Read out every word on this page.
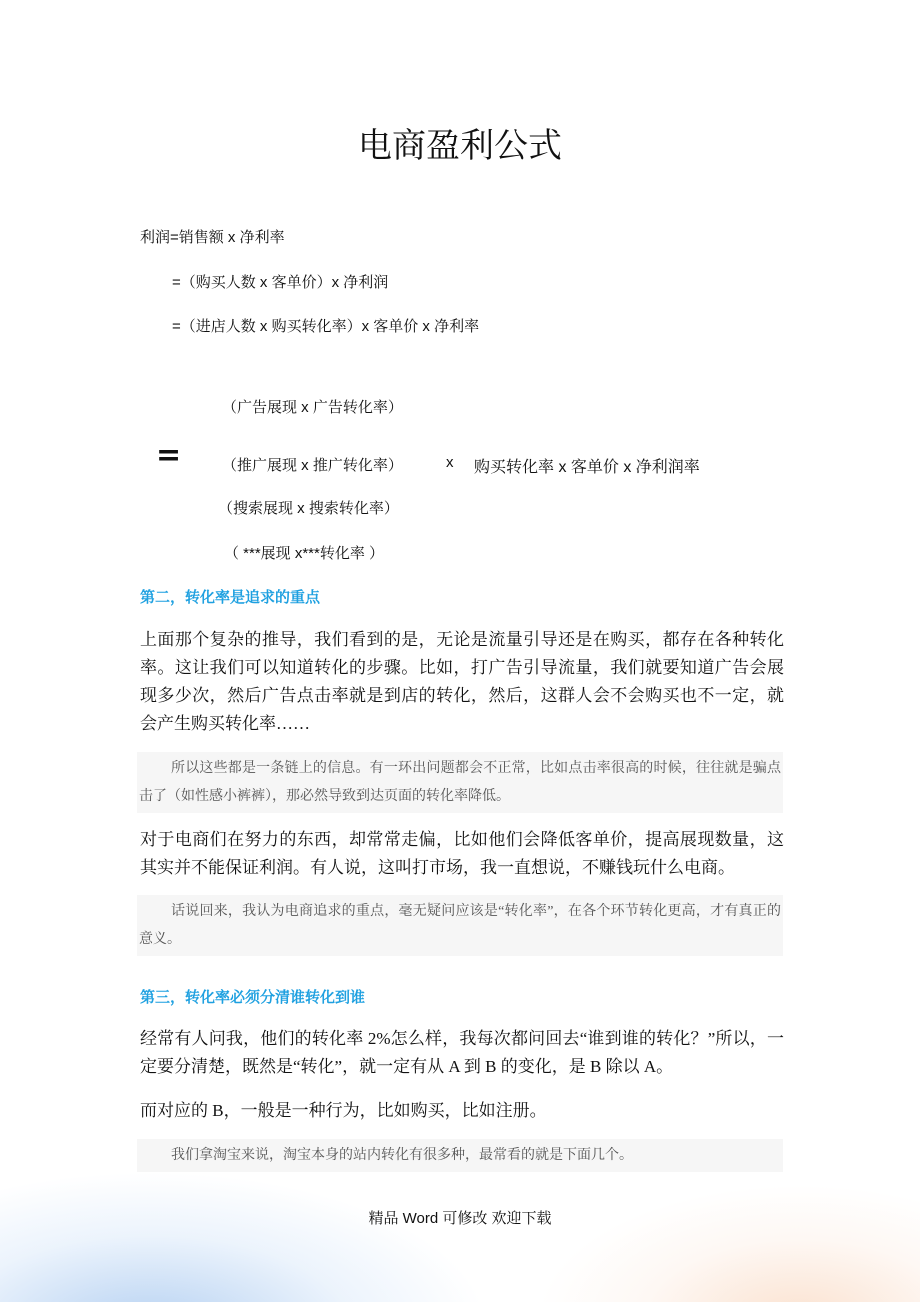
电商盈利公式
利润=销售额 x 净利率
=（购买人数 x 客单价）x 净利润
=（进店人数 x 购买转化率）x 客单价 x 净利率
（广告展现 x 广告转化率）
=	（推广展现 x 推广转化率）	x 购买转化率 x 客单价 x 净利润率
（搜索展现 x 搜索转化率）
（ ***展现 x***转化率 ）
第二，转化率是追求的重点
上面那个复杂的推导，我们看到的是，无论是流量引导还是在购买，都存在各种转化率。这让我们可以知道转化的步骤。比如，打广告引导流量，我们就要知道广告会展现多少次，然后广告点击率就是到店的转化，然后，这群人会不会购买也不一定，就会产生购买转化率……
所以这些都是一条链上的信息。有一环出问题都会不正常，比如点击率很高的时候，往往就是骗点击了（如性感小裤裤），那必然导致到达页面的转化率降低。
对于电商们在努力的东西，却常常走偏，比如他们会降低客单价，提高展现数量，这其实并不能保证利润。有人说，这叫打市场，我一直想说，不赚钱玩什么电商。
话说回来，我认为电商追求的重点，毫无疑问应该是“转化率”，在各个环节转化更高，才有真正的意义。
第三，转化率必须分清谁转化到谁
经常有人问我，他们的转化率 2%怎么样，我每次都问回去“谁到谁的转化？”所以，一定要分清楚，既然是“转化”，就一定有从 A 到 B 的变化，是 B 除以 A。
而对应的 B，一般是一种行为，比如购买，比如注册。
我们拿淘宝来说，淘宝本身的站内转化有很多种，最常看的就是下面几个。
精品 Word 可修改 欢迎下载
